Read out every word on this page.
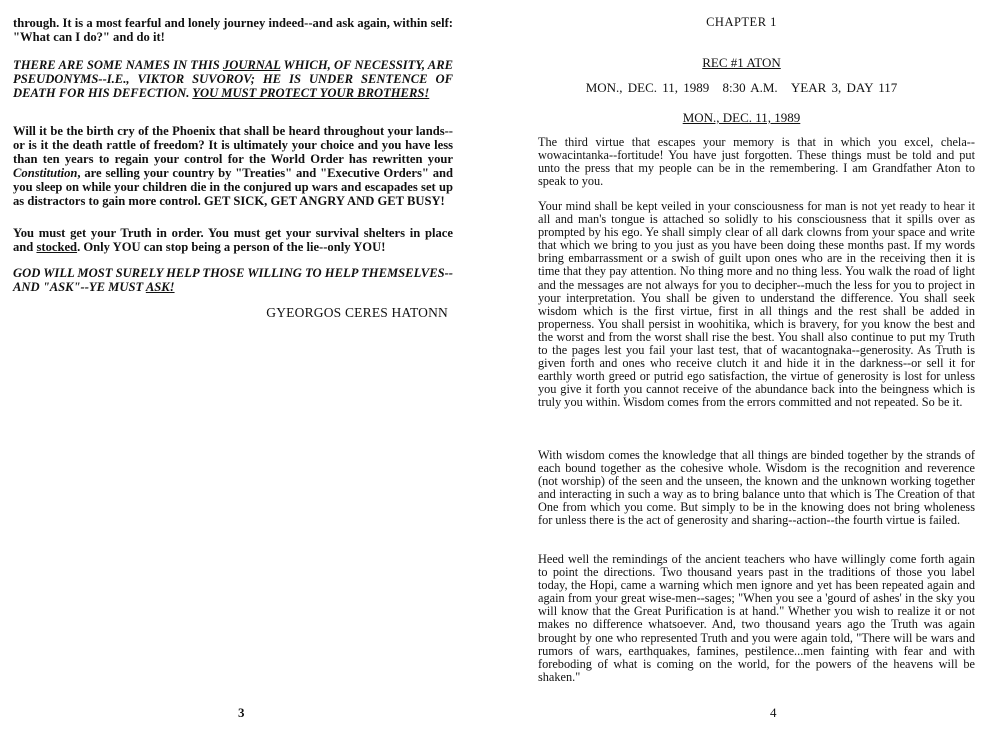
through. It is a most fearful and lonely journey indeed--and ask again, within self: "What can I do?" and do it!

THERE ARE SOME NAMES IN THIS JOURNAL WHICH, OF NECESSITY, ARE PSEUDONYMS--I.E., VIKTOR SUVOROV; HE IS UNDER SENTENCE OF DEATH FOR HIS DEFECTION. YOU MUST PROTECT YOUR BROTHERS!

Will it be the birth cry of the Phoenix that shall be heard throughout your lands--or is it the death rattle of freedom? It is ultimately your choice and you have less than ten years to regain your control for the World Order has rewritten your Constitution, are selling your country by "Treaties" and "Executive Orders" and you sleep on while your children die in the conjured up wars and escapades set up as distractors to gain more control. GET SICK, GET ANGRY AND GET BUSY!

You must get your Truth in order. You must get your survival shelters in place and stocked. Only YOU can stop being a person of the lie--only YOU!

GOD WILL MOST SURELY HELP THOSE WILLING TO HELP THEMSELVES--AND "ASK"--YE MUST ASK!

GYEORGOS CERES HATONN
3
CHAPTER 1
REC #1 ATON
MON., DEC. 11, 1989 8:30 A.M. YEAR 3, DAY 117
MON., DEC. 11, 1989

The third virtue that escapes your memory is that in which you excel, chela--wowacintanka--fortitude! You have just forgotten. These things must be told and put unto the press that my people can be in the remembering. I am Grandfather Aton to speak to you.

Your mind shall be kept veiled in your consciousness for man is not yet ready to hear it all and man's tongue is attached so solidly to his consciousness that it spills over as prompted by his ego. Ye shall simply clear of all dark clowns from your space and write that which we bring to you just as you have been doing these months past. If my words bring embarrassment or a swish of guilt upon ones who are in the receiving then it is time that they pay attention. No thing more and no thing less. You walk the road of light and the messages are not always for you to decipher--much the less for you to project in your interpretation. You shall be given to understand the difference. You shall seek wisdom which is the first virtue, first in all things and the rest shall be added in properness. You shall persist in woohitika, which is bravery, for you know the best and the worst and from the worst shall rise the best. You shall also continue to put my Truth to the pages lest you fail your last test, that of wacantognaka--generosity. As Truth is given forth and ones who receive clutch it and hide it in the darkness--or sell it for earthly worth greed or putrid ego satisfaction, the virtue of generosity is lost for unless you give it forth you cannot receive of the abundance back into the beingness which is truly you within. Wisdom comes from the errors committed and not repeated. So be it.

With wisdom comes the knowledge that all things are binded together by the strands of each bound together as the cohesive whole. Wisdom is the recognition and reverence (not worship) of the seen and the unseen, the known and the unknown working together and interacting in such a way as to bring balance unto that which is The Creation of that One from which you come. But simply to be in the knowing does not bring wholeness for unless there is the act of generosity and sharing--action--the fourth virtue is failed.

Heed well the remindings of the ancient teachers who have willingly come forth again to point the directions. Two thousand years past in the traditions of those you label today, the Hopi, came a warning which men ignore and yet has been repeated again and again from your great wise-men--sages; "When you see a 'gourd of ashes' in the sky you will know that the Great Purification is at hand." Whether you wish to realize it or not makes no difference whatsoever. And, two thousand years ago the Truth was again brought by one who represented Truth and you were again told, "There will be wars and rumors of wars, earthquakes, famines, pestilence...men fainting with fear and with foreboding of what is coming on the world, for the powers of the heavens will be shaken."

4
